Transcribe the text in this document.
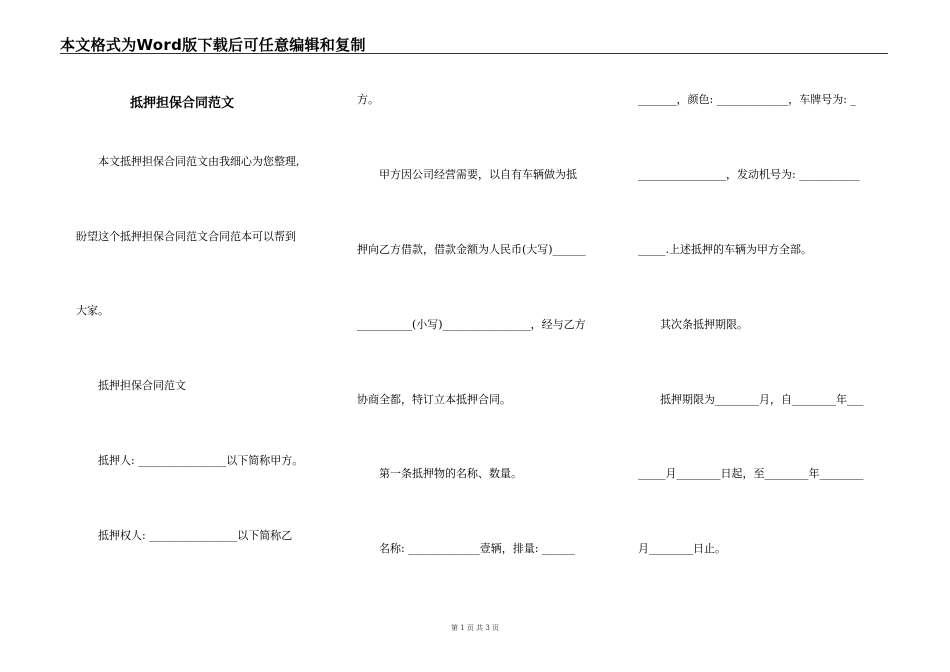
本文格式为Word版下载后可任意编辑和复制
抵押担保合同范文
　　本文抵押担保合同范文由我细心为您整理,
盼望这个抵押担保合同范文合同范本可以帮到
大家。
　　抵押担保合同范文
　　抵押人: ________________以下简称甲方。
　　抵押权人: ________________以下简称乙
方。
　　甲方因公司经营需要，以自有车辆做为抵
押向乙方借款，借款金额为人民币(大写)______
__________(小写)________________，经与乙方
协商全都，特订立本抵押合同。
　　第一条抵押物的名称、数量。
　　名称: _____________壹辆，排量: ______
_______，颜色: _____________，车牌号为: _
________________，发动机号为: ___________
_____.上述抵押的车辆为甲方全部。
　　其次条抵押期限。
　　抵押期限为________月，自________年___
_____月________日起，至________年________
月________日止。
第 1 页 共 3 页
